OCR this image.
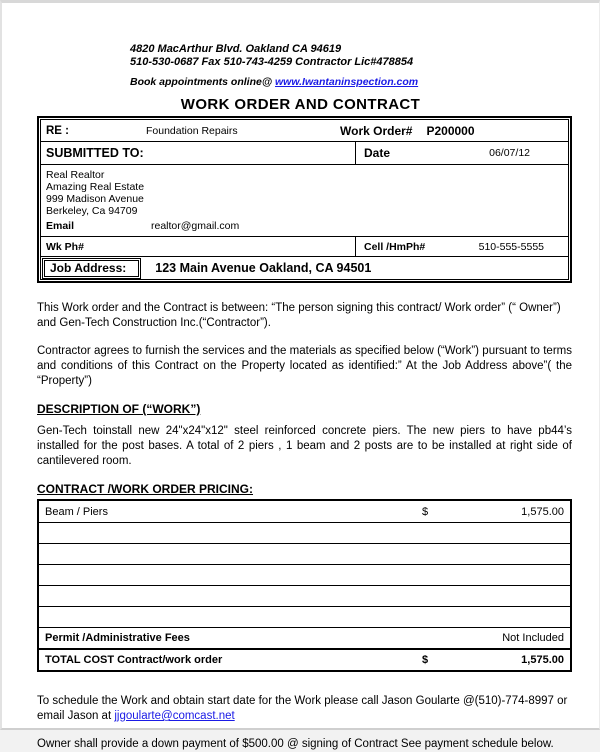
4820 MacArthur Blvd. Oakland CA 94619
510-530-0687 Fax 510-743-4259 Contractor Lic#478854
Book appointments online@ www.Iwantaninspection.com
WORK ORDER AND CONTRACT
RE :	Foundation Repairs	Work Order# P200000
SUBMITTED TO:	Date	06/07/12
Real Realtor
Amazing Real Estate
999 Madison Avenue
Berkeley, Ca 94709
Email	realtor@gmail.com
Wk Ph#	Cell /HmPh#	510-555-5555
Job Address:	123 Main Avenue Oakland, CA 94501

This Work order and the Contract is between: “The person signing this contract/ Work order” (“ Owner”) and Gen-Tech Construction Inc.(“Contractor”).

Contractor agrees to furnish the services and the materials as specified below (“Work”) pursuant to terms and conditions of this Contract on the Property located as identified:” At the Job Address above”( the “Property”)

DESCRIPTION OF (“WORK”)

Gen-Tech toinstall new 24"x24"x12" steel reinforced concrete piers. The new piers to have pb44’s installed for the post bases. A total of 2 piers , 1 beam and 2 posts are to be installed at right side of cantilevered room.

CONTRACT /WORK ORDER PRICING:
Beam / Piers	$	1,575.00
Permit /Administrative Fees	Not Included
TOTAL COST Contract/work order	$	1,575.00

To schedule the Work and obtain start date for the Work please call Jason Goularte @(510)-774-8997 or email Jason at jjgoularte@comcast.net

Owner shall provide a down payment of $500.00 @ signing of Contract See payment schedule below.
